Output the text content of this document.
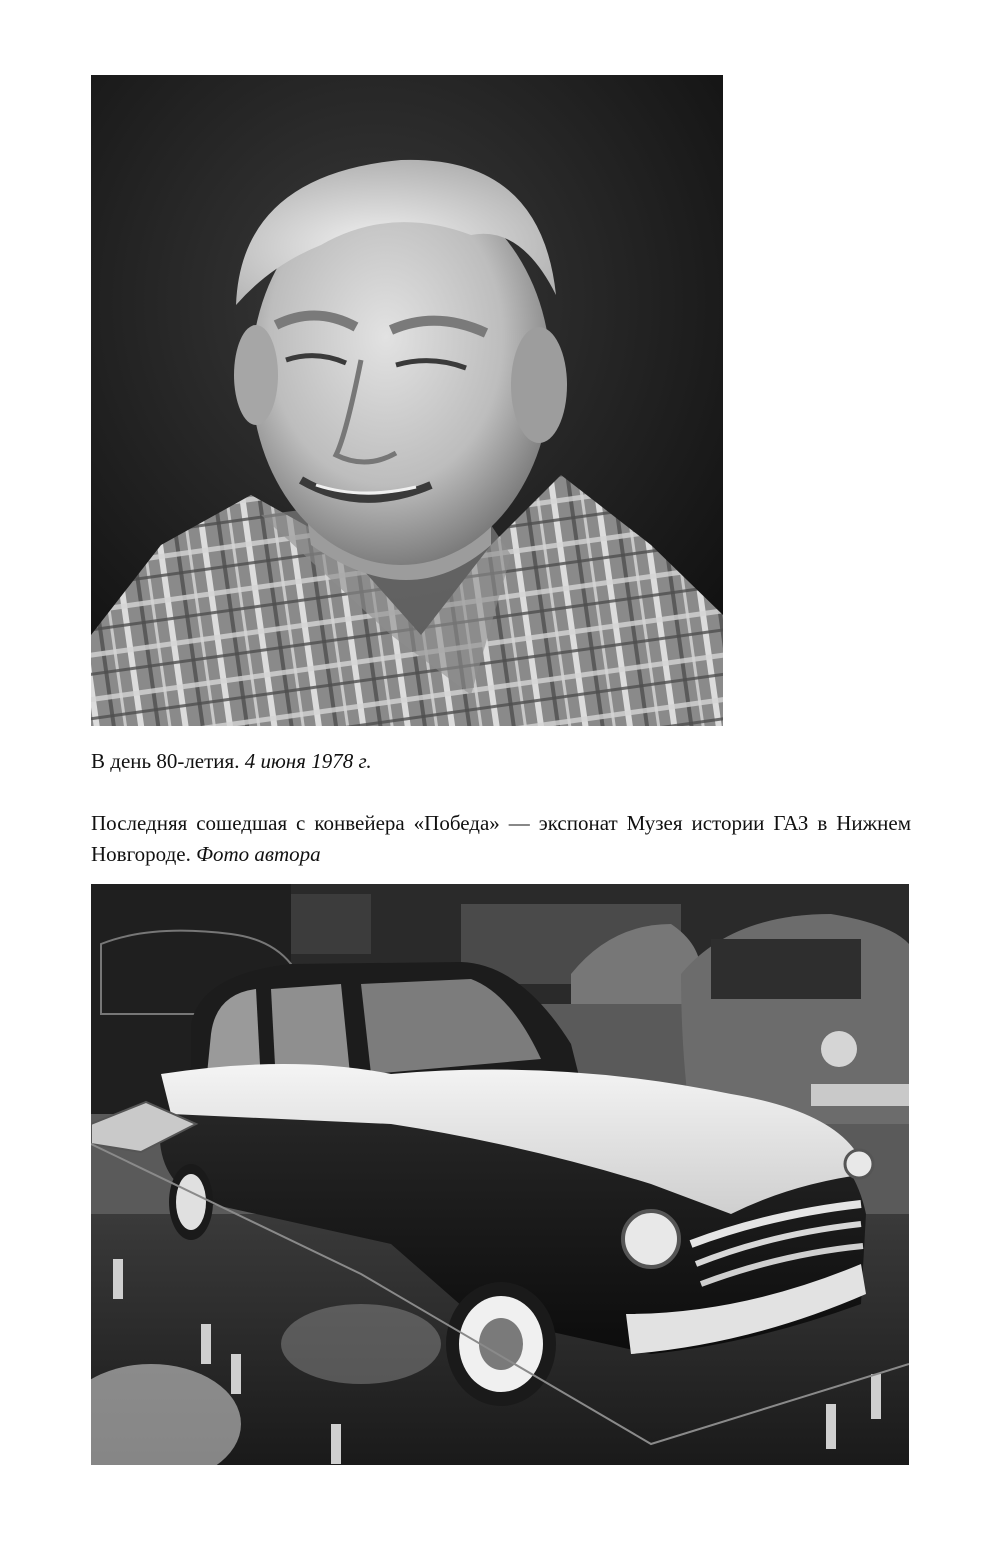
В день 80-летия. 4 июня 1978 г.
Последняя сошедшая с конвейера «Победа» — экспонат Музея истории ГАЗ в Нижнем Новгороде. Фото автора
